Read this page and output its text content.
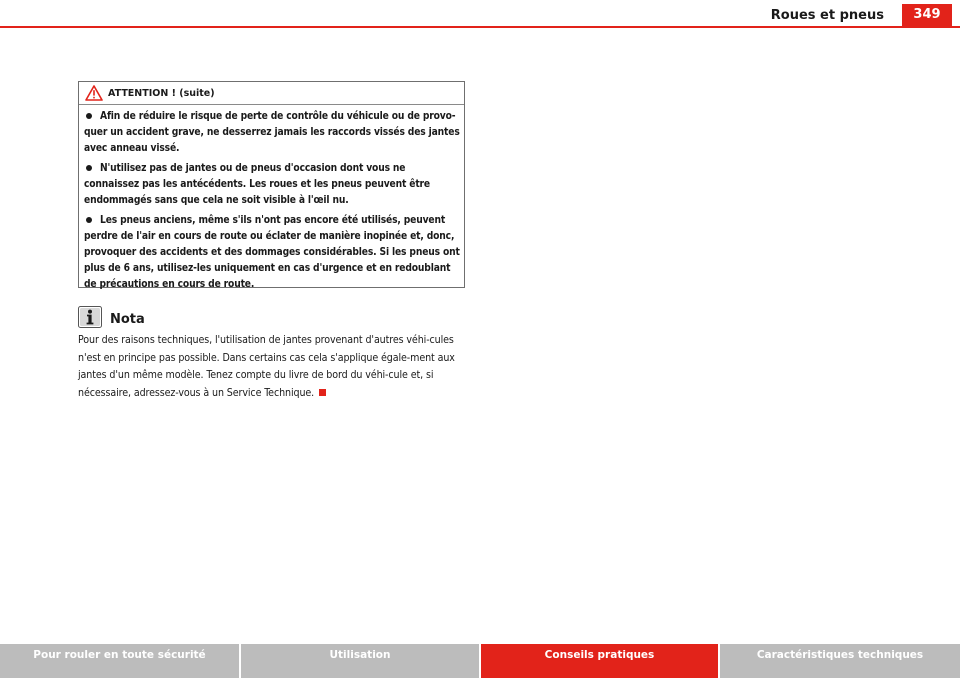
Roues et pneus	349
ATTENTION ! (suite)
Afin de réduire le risque de perte de contrôle du véhicule ou de provo-quer un accident grave, ne desserrez jamais les raccords vissés des jantes avec anneau vissé.
N'utilisez pas de jantes ou de pneus d'occasion dont vous ne connaissez pas les antécédents. Les roues et les pneus peuvent être endommagés sans que cela ne soit visible à l'œil nu.
Les pneus anciens, même s'ils n'ont pas encore été utilisés, peuvent perdre de l'air en cours de route ou éclater de manière inopinée et, donc, provoquer des accidents et des dommages considérables. Si les pneus ont plus de 6 ans, utilisez-les uniquement en cas d'urgence et en redoublant de précautions en cours de route.
Nota
Pour des raisons techniques, l'utilisation de jantes provenant d'autres véhi-cules n'est en principe pas possible. Dans certains cas cela s'applique égale-ment aux jantes d'un même modèle. Tenez compte du livre de bord du véhi-cule et, si nécessaire, adressez-vous à un Service Technique.
Pour rouler en toute sécurité	Utilisation	Conseils pratiques	Caractéristiques techniques
